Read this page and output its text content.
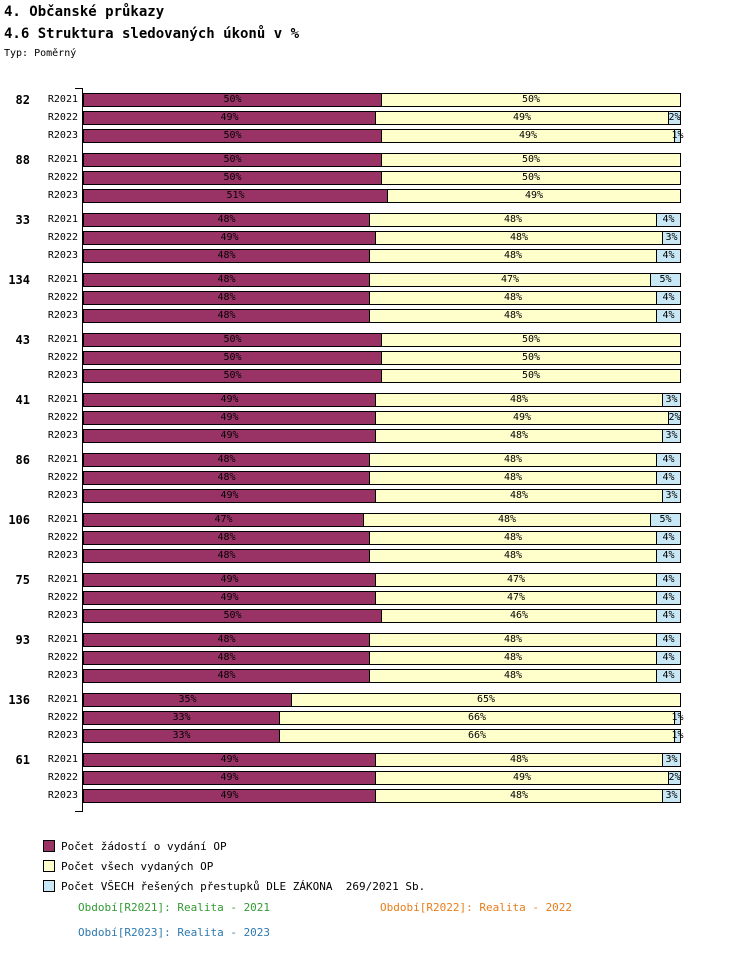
4. Občanské průkazy
4.6 Struktura sledovaných úkonů v %
Typ: Poměrný
82	R2021	50%	50%
R2022	49%	49%	2%
R2023	50%	49%	1%
88	R2021	50%	50%
R2022	50%	50%
R2023	51%	49%
33	R2021	48%	48%	4%
R2022	49%	48%	3%
R2023	48%	48%	4%
134	R2021	48%	47%	5%
R2022	48%	48%	4%
R2023	48%	48%	4%
43	R2021	50%	50%
R2022	50%	50%
R2023	50%	50%
41	R2021	49%	48%	3%
R2022	49%	49%	2%
R2023	49%	48%	3%
86	R2021	48%	48%	4%
R2022	48%	48%	4%
R2023	49%	48%	3%
106	R2021	47%	48%	5%
R2022	48%	48%	4%
R2023	48%	48%	4%
75	R2021	49%	47%	4%
R2022	49%	47%	4%
R2023	50%	46%	4%
93	R2021	48%	48%	4%
R2022	48%	48%	4%
R2023	48%	48%	4%
136	R2021	35%	65%
R2022	33%	66%	1%
R2023	33%	66%	1%
61	R2021	49%	48%	3%
R2022	49%	49%	2%
R2023	49%	48%	3%
Počet žádostí o vydání OP
Počet všech vydaných OP
Počet VŠECH řešených přestupků DLE ZÁKONA  269/2021 Sb.
Období[R2021]: Realita - 2021	Období[R2022]: Realita - 2022
Období[R2023]: Realita - 2023
